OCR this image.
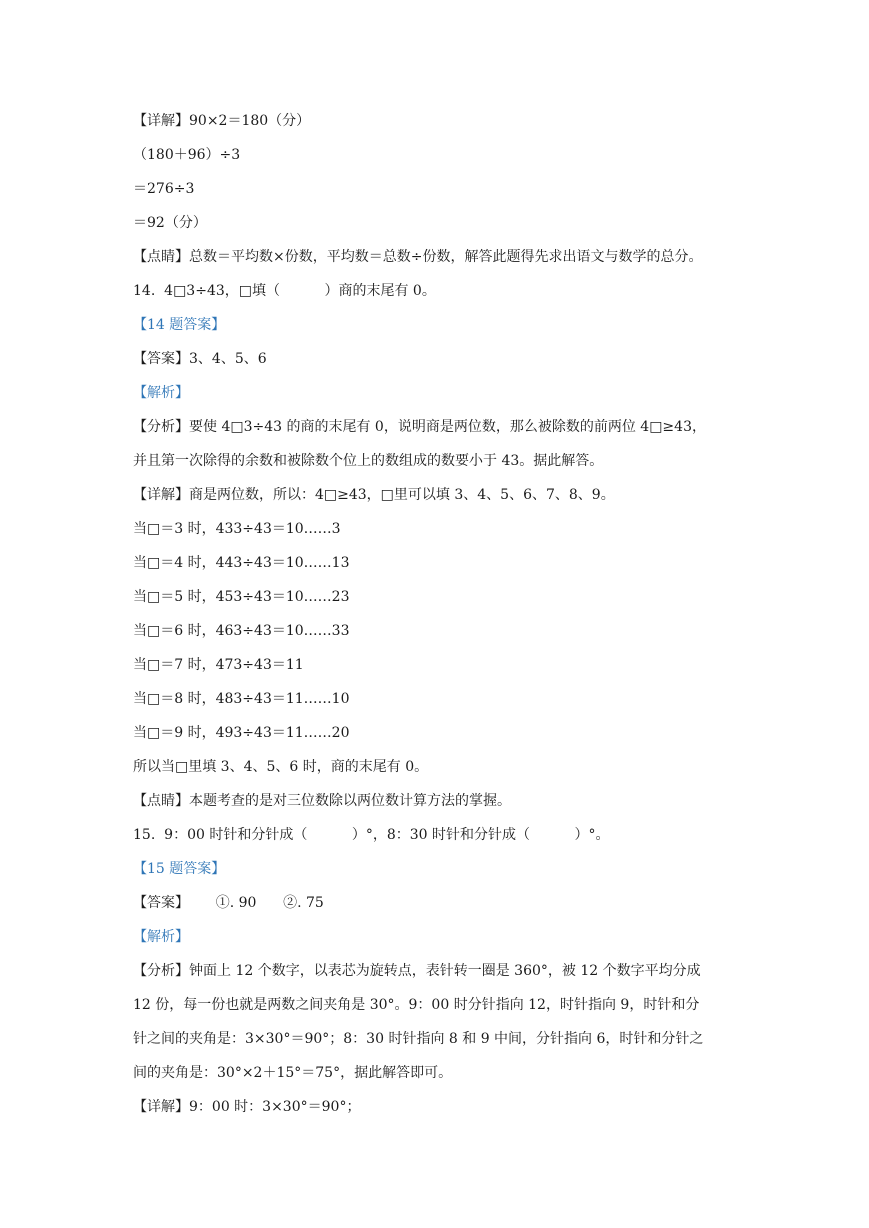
【详解】90×2＝180（分）
（180＋96）÷3
＝276÷3
＝92（分）
【点睛】总数＝平均数×份数，平均数＝总数÷份数，解答此题得先求出语文与数学的总分。
14.  4□3÷43，□填（          ）商的末尾有 0。
【14 题答案】
【答案】3、4、5、6
【解析】
【分析】要使 4□3÷43 的商的末尾有 0，说明商是两位数，那么被除数的前两位 4□≥43，
并且第一次除得的余数和被除数个位上的数组成的数要小于 43。据此解答。
【详解】商是两位数，所以：4□≥43，□里可以填 3、4、5、6、7、8、9。
当□＝3 时，433÷43＝10……3
当□＝4 时，443÷43＝10……13
当□＝5 时，453÷43＝10……23
当□＝6 时，463÷43＝10……33
当□＝7 时，473÷43＝11
当□＝8 时，483÷43＝11……10
当□＝9 时，493÷43＝11……20
所以当□里填 3、4、5、6 时，商的末尾有 0。
【点睛】本题考查的是对三位数除以两位数计算方法的掌握。
15.  9：00 时针和分针成（          ）°，8：30 时针和分针成（          ）°。
【15 题答案】
【答案】      ①. 90      ②. 75
【解析】
【分析】钟面上 12 个数字，以表芯为旋转点，表针转一圈是 360°，被 12 个数字平均分成
12 份，每一份也就是两数之间夹角是 30°。9：00 时分针指向 12，时针指向 9，时针和分
针之间的夹角是：3×30°＝90°；8：30 时针指向 8 和 9 中间，分针指向 6，时针和分针之
间的夹角是：30°×2＋15°＝75°，据此解答即可。
【详解】9：00 时：3×30°＝90°；
